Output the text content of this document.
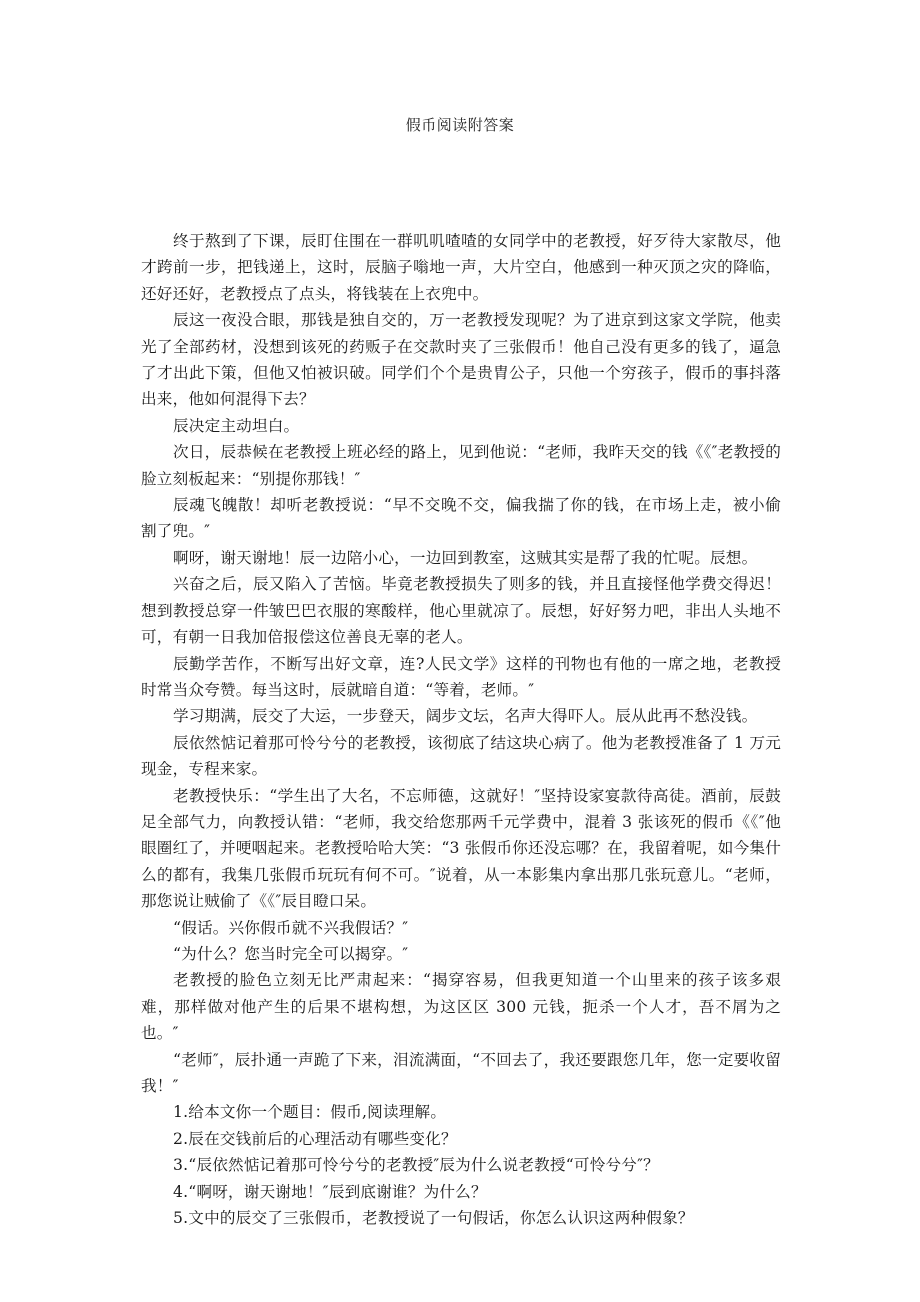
假币阅读附答案

终于熬到了下课，辰盯住围在一群叽叽喳喳的女同学中的老教授，好歹待大家散尽，他才跨前一步，把钱递上，这时，辰脑子嗡地一声，大片空白，他感到一种灭顶之灾的降临，还好还好，老教授点了点头，将钱装在上衣兜中。

辰这一夜没合眼，那钱是独自交的，万一老教授发现呢？为了进京到这家文学院，他卖光了全部药材，没想到该死的药贩子在交款时夹了三张假币！他自己没有更多的钱了，逼急了才出此下策，但他又怕被识破。同学们个个是贵胄公子，只他一个穷孩子，假币的事抖落出来，他如何混得下去？

辰决定主动坦白。

次日，辰恭候在老教授上班必经的路上，见到他说：“老师，我昨天交的钱《《″老教授的脸立刻板起来：“别提你那钱！″

辰魂飞魄散！却听老教授说：“早不交晚不交，偏我揣了你的钱，在市场上走，被小偷割了兜。″

啊呀，谢天谢地！辰一边陪小心，一边回到教室，这贼其实是帮了我的忙呢。辰想。

兴奋之后，辰又陷入了苦恼。毕竟老教授损失了则多的钱，并且直接怪他学费交得迟！想到教授总穿一件皱巴巴衣服的寒酸样，他心里就凉了。辰想，好好努力吧，非出人头地不可，有朝一日我加倍报偿这位善良无辜的老人。

辰勤学苦作，不断写出好文章，连?人民文学》这样的刊物也有他的一席之地，老教授时常当众夸赞。每当这时，辰就暗自道：“等着，老师。″

学习期满，辰交了大运，一步登天，阔步文坛，名声大得吓人。辰从此再不愁没钱。

辰依然惦记着那可怜兮兮的老教授，该彻底了结这块心病了。他为老教授准备了 1 万元现金，专程来家。

老教授快乐：“学生出了大名，不忘师德，这就好！″坚持设家宴款待高徒。酒前，辰鼓足全部气力，向教授认错：“老师，我交给您那两千元学费中，混着 3 张该死的假币《《″他眼圈红了，并哽咽起来。老教授哈哈大笑：“3 张假币你还没忘哪？在，我留着呢，如今集什么的都有，我集几张假币玩玩有何不可。″说着，从一本影集内拿出那几张玩意儿。“老师，那您说让贼偷了《《″辰目瞪口呆。

“假话。兴你假币就不兴我假话？″

“为什么？您当时完全可以揭穿。″

老教授的脸色立刻无比严肃起来：“揭穿容易，但我更知道一个山里来的孩子该多艰难，那样做对他产生的后果不堪构想，为这区区 300 元钱，扼杀一个人才，吾不屑为之也。″

“老师″，辰扑通一声跪了下来，泪流满面，“不回去了，我还要跟您几年，您一定要收留我！″

1.给本文你一个题目：假币,阅读理解。

2.辰在交钱前后的心理活动有哪些变化？

3.“辰依然惦记着那可怜兮兮的老教授″辰为什么说老教授“可怜兮兮″？

4.“啊呀，谢天谢地！″辰到底谢谁？为什么？

5.文中的辰交了三张假币，老教授说了一句假话，你怎么认识这两种假象？
